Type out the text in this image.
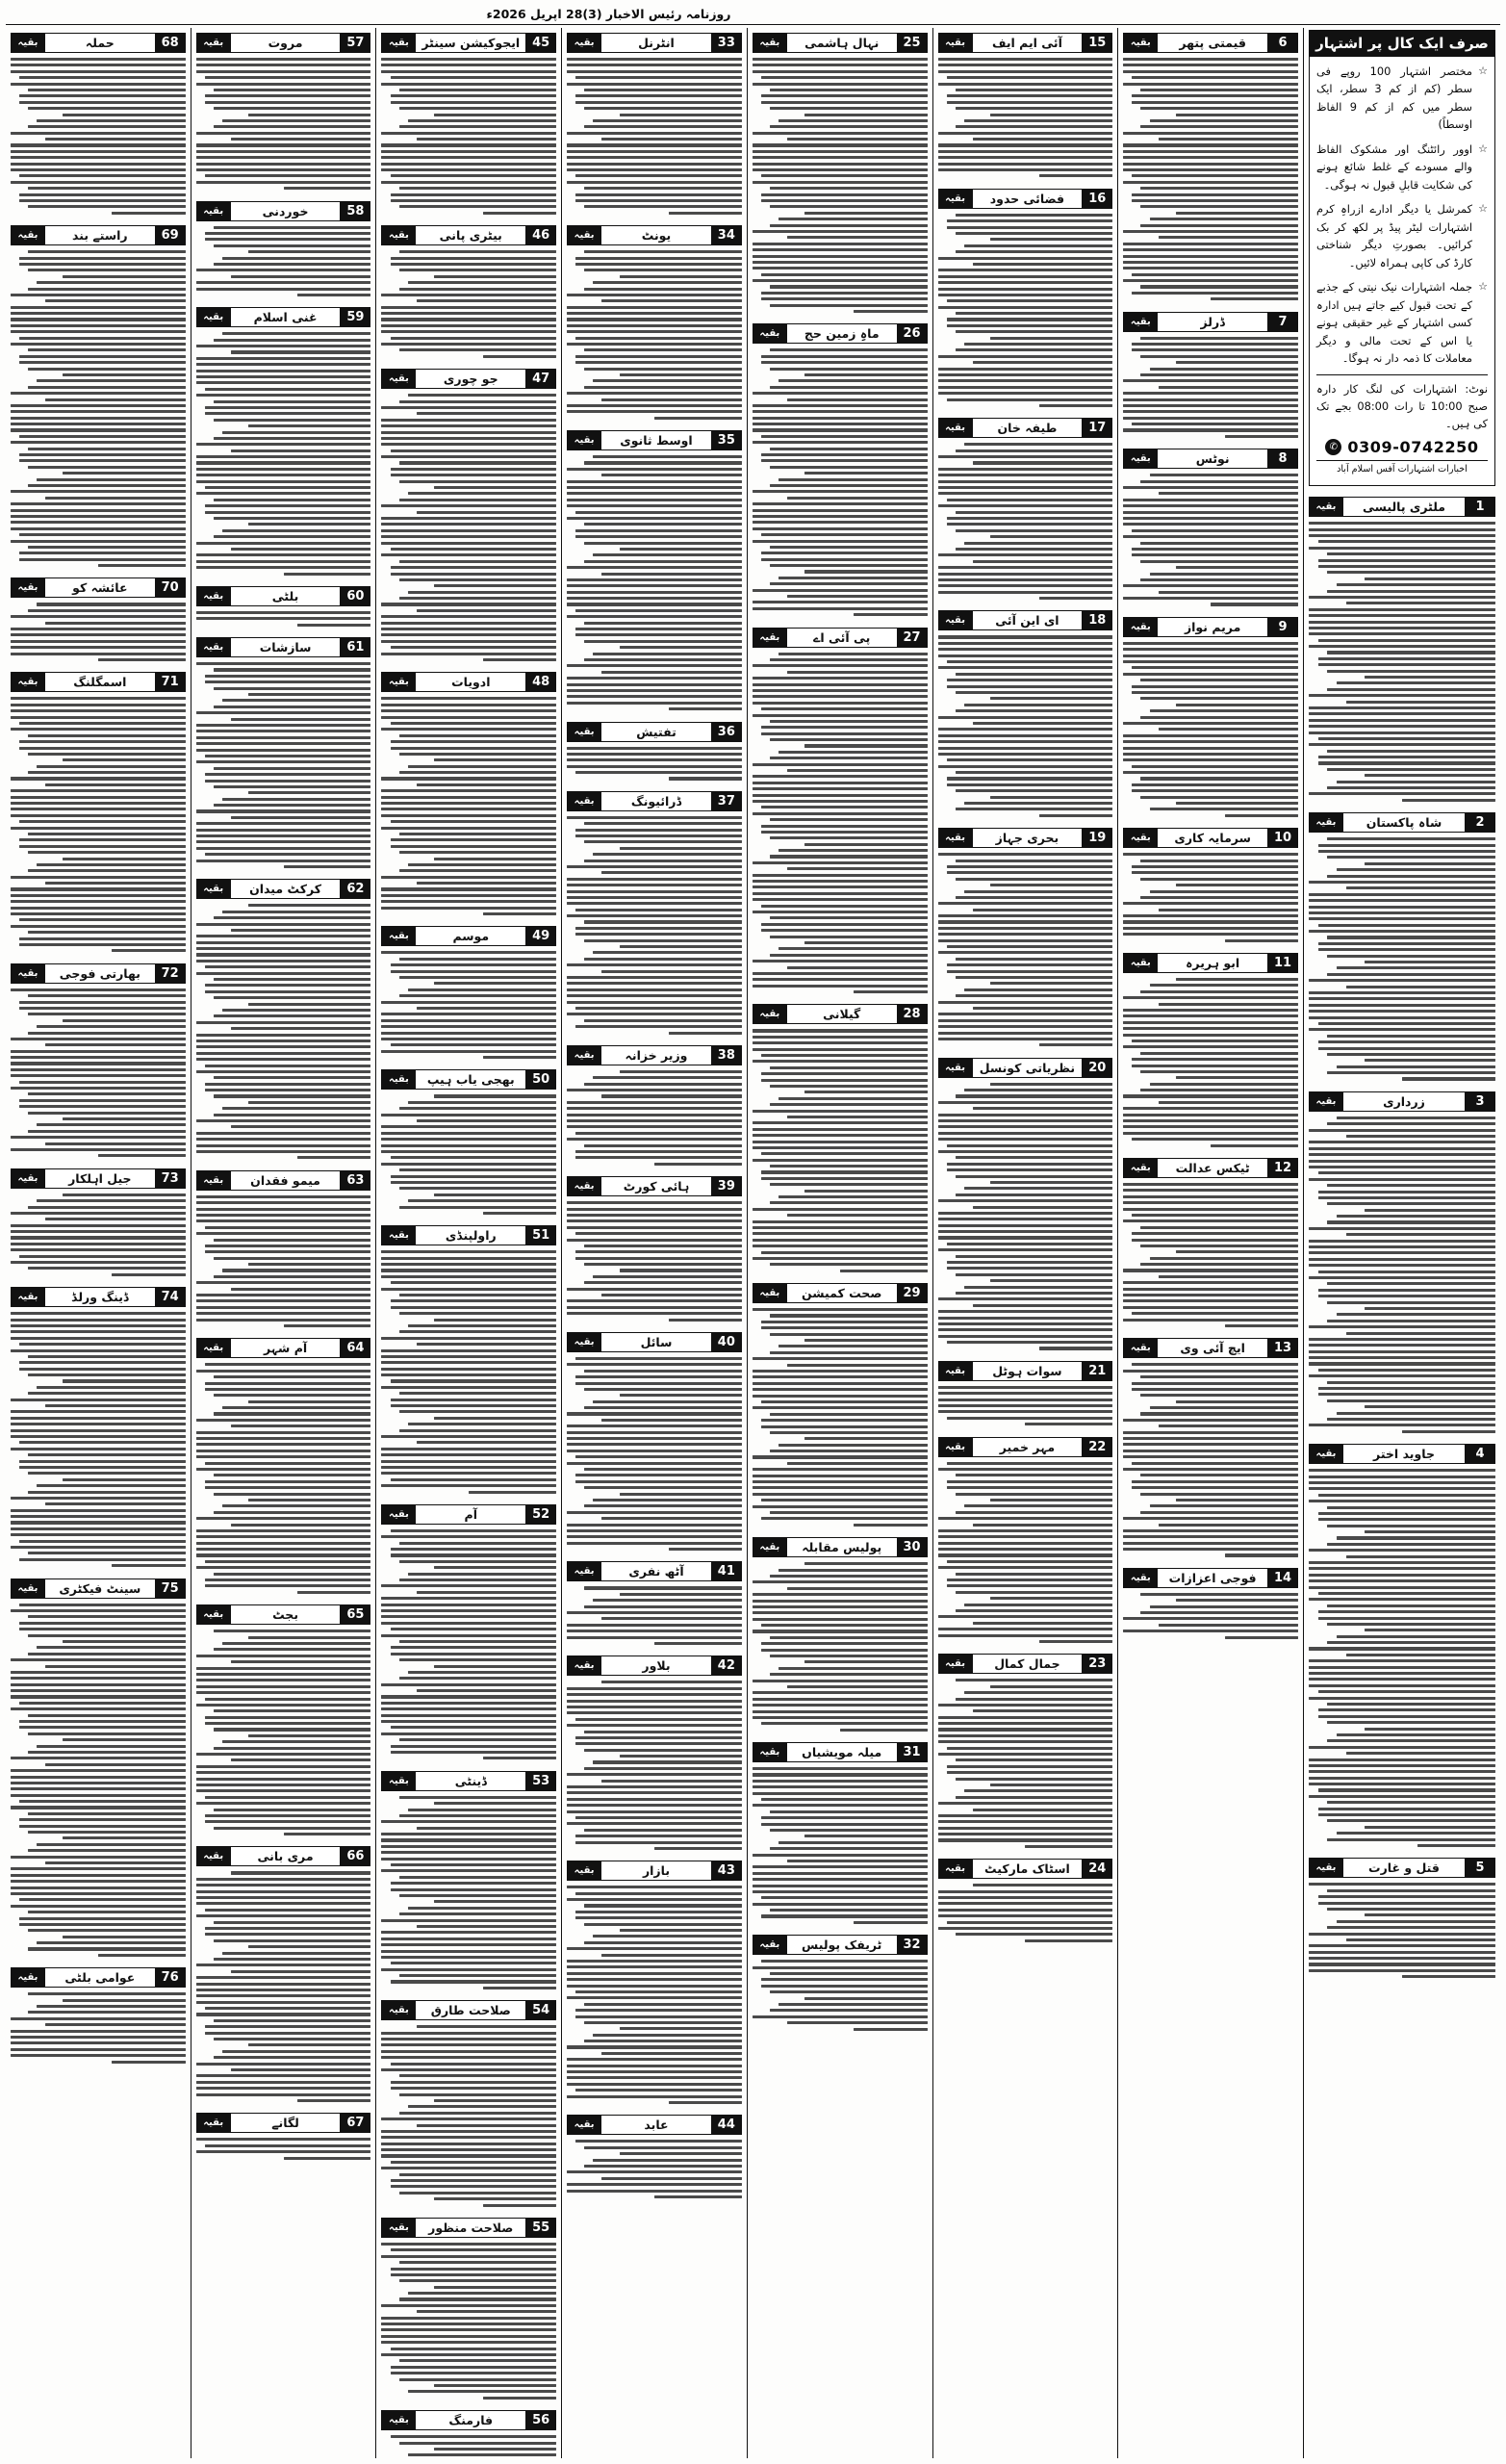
روزنامہ رئیس الاخبار (3)28 اپریل 2026ء
صرف ایک کال پر اشتہار
☆
مختصر اشتہار 100 روپے فی سطر (کم از کم 3 سطر، ایک سطر میں کم از کم 9 الفاظ اوسطاً)
☆
اوور رائٹنگ اور مشکوک الفاظ والے مسودے کے غلط شائع ہونے کی شکایت قابلِ قبول نہ ہوگی۔
☆
کمرشل یا دیگر ادارے ازراہِ کرم اشتہارات لیٹر پیڈ پر لکھ کر بک کرائیں۔ بصورتِ دیگر شناختی کارڈ کی کاپی ہمراہ لائیں۔
☆
جملہ اشتہارات نیک نیتی کے جذبے کے تحت قبول کیے جاتے ہیں ادارہ کسی اشتہار کے غیر حقیقی ہونے یا اس کے تحت مالی و دیگر معاملات کا ذمہ دار نہ ہوگا۔
نوٹ: اشتہارات کی لنگ کار دارہ صبح 10:00 تا رات 08:00 بجے تک کی ہیں۔
✆ 0309-0742250
اخبارات اشتہارات آفس اسلام آباد
1
ملٹری پالیسی
بقیہ
2
شاہ پاکستان
بقیہ
3
زرداری
بقیہ
4
جاوید اختر
بقیہ
5
قتل و غارت
بقیہ
6
قیمتی پتھر
بقیہ
7
ڈرلز
بقیہ
8
نوٹس
بقیہ
9
مریم نواز
بقیہ
10
سرمایہ کاری
بقیہ
11
ابو ہریرہ
بقیہ
12
ٹیکس عدالت
بقیہ
13
ایچ آئی وی
بقیہ
14
فوجی اعزازات
بقیہ
15
آئی ایم ایف
بقیہ
16
فضائی حدود
بقیہ
17
طیفہ خان
بقیہ
18
ای این آئی
بقیہ
19
بحری جہاز
بقیہ
20
نظریاتی کونسل
بقیہ
21
سوات ہوٹل
بقیہ
22
مہر خمیر
بقیہ
23
جمال کمال
بقیہ
24
اسٹاک مارکیٹ
بقیہ
25
نہال ہاشمی
بقیہ
26
ماہِ زمین حج
بقیہ
27
پی آئی اے
بقیہ
28
گیلانی
بقیہ
29
صحت کمیشن
بقیہ
30
پولیس مقابلہ
بقیہ
31
میلہ مویشیاں
بقیہ
32
ٹریفک پولیس
بقیہ
33
انٹرنل
بقیہ
34
یونٹ
بقیہ
35
اوسط ثانوی
بقیہ
36
تفتیش
بقیہ
37
ڈرائیونگ
بقیہ
38
وزیر خزانہ
بقیہ
39
ہائی کورٹ
بقیہ
40
سائل
بقیہ
41
آٹھ نفری
بقیہ
42
بلاور
بقیہ
43
بازار
بقیہ
44
عابد
بقیہ
45
ایجوکیشن سینٹر
بقیہ
46
بیٹری پانی
بقیہ
47
جو چوری
بقیہ
48
ادویات
بقیہ
49
موسم
بقیہ
50
بھجی یاب ہیپ
بقیہ
51
راولپنڈی
بقیہ
52
آم
بقیہ
53
ڈینٹی
بقیہ
54
صلاحت طارق
بقیہ
55
صلاحت منظور
بقیہ
56
فارمنگ
بقیہ
57
مروت
بقیہ
58
خوردنی
بقیہ
59
غنی اسلام
بقیہ
60
بلٹی
بقیہ
61
سازشات
بقیہ
62
کرکٹ میدان
بقیہ
63
میمو فقدان
بقیہ
64
آم شہر
بقیہ
65
بجٹ
بقیہ
66
مری بانی
بقیہ
67
لگانے
بقیہ
68
حملہ
بقیہ
69
راستے بند
بقیہ
70
عائشہ کو
بقیہ
71
اسمگلنگ
بقیہ
72
بھارتی فوجی
بقیہ
73
جیل اہلکار
بقیہ
74
ڈینگ ورلڈ
بقیہ
75
سینٹ فیکٹری
بقیہ
76
عوامی بلٹی
بقیہ
